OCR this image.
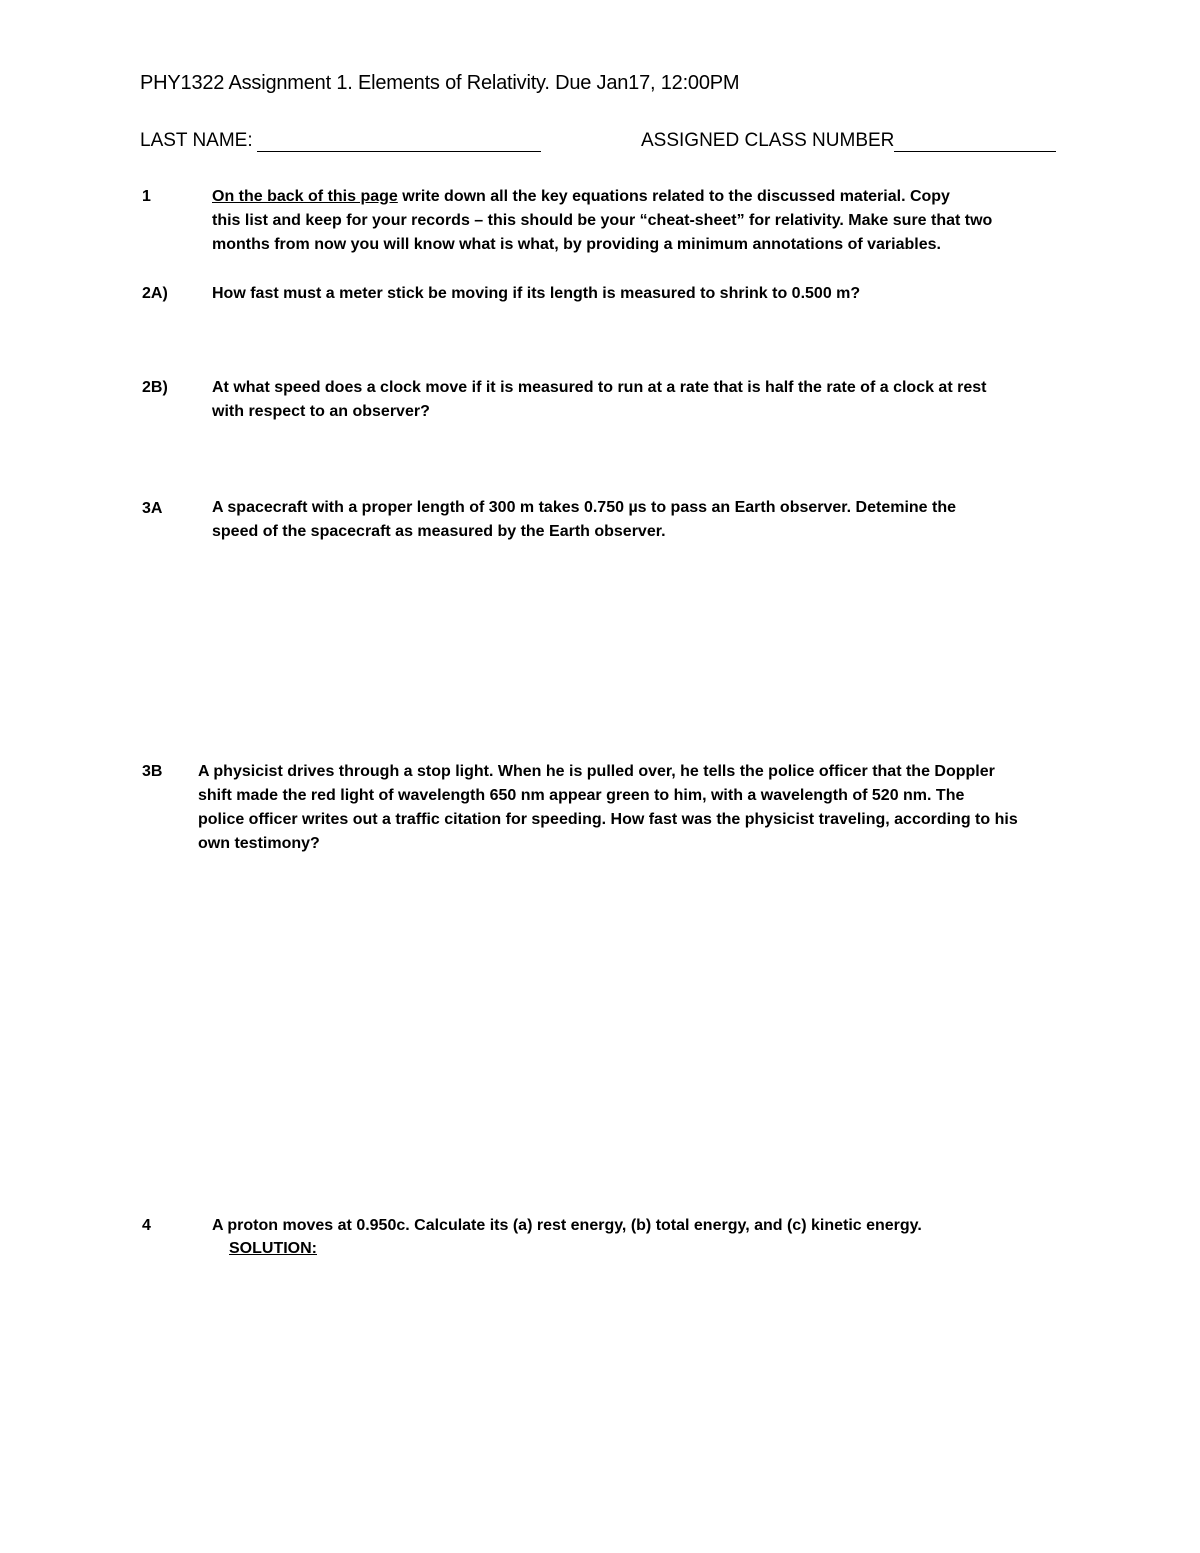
PHY1322 Assignment 1. Elements of Relativity. Due Jan17, 12:00PM
LAST NAME:	ASSIGNED CLASS NUMBER
1	On the back of this page write down all the key equations related to the discussed material. Copy
this list and keep for your records – this should be your “cheat-sheet” for relativity. Make sure that two
months from now you will know what is what, by providing a minimum annotations of variables.
2A)	How fast must a meter stick be moving if its length is measured to shrink to 0.500 m?
2B)	At what speed does a clock move if it is measured to run at a rate that is half the rate of a clock at rest
with respect to an observer?
3A	A spacecraft with a proper length of 300 m takes 0.750 µs to pass an Earth observer. Detemine the
speed of the spacecraft as measured by the Earth observer.
3B A physicist drives through a stop light. When he is pulled over, he tells the police officer that the Doppler
shift made the red light of wavelength 650 nm appear green to him, with a wavelength of 520 nm. The
police officer writes out a traffic citation for speeding. How fast was the physicist traveling, according to his
own testimony?
4	A proton moves at 0.950c. Calculate its (a) rest energy, (b) total energy, and (c) kinetic energy.
SOLUTION:
